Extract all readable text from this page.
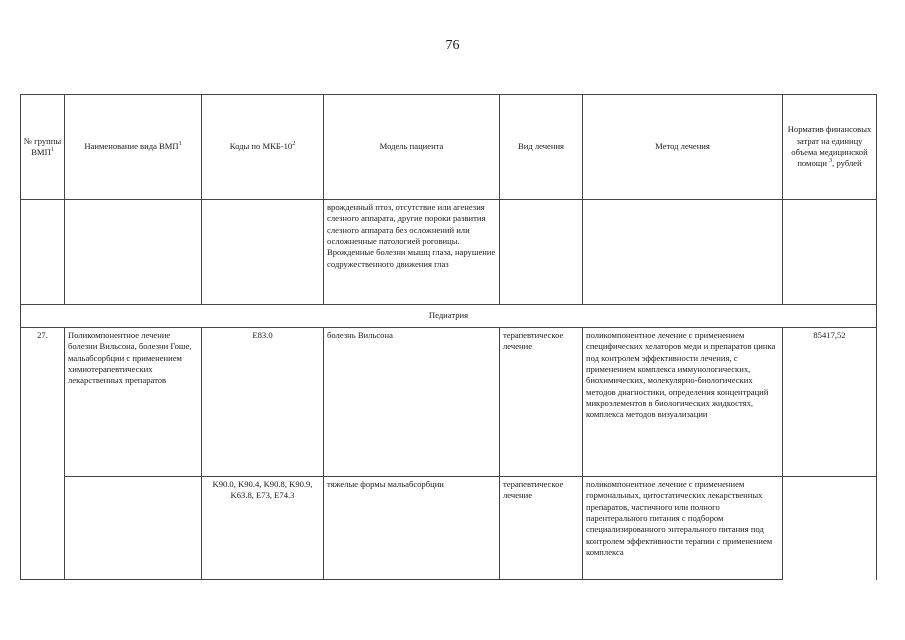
76
№ группы ВМП$^1$	Наименование вида ВМП$^1$	Коды по МКБ-$10^2$	Модель пациента	Вид лечения	Метод лечения	Норматив финансовых затрат на единицу объема медицинской помощи $^3$, рублей
			врожденный птоз, отсутствие или агенезия слезного аппарата, другие пороки развития слезного аппарата без осложнений или осложненные патологией роговицы. Врожденные болезни мышц глаза, нарушение содружественного движения глаз			
Педиатрия						
27.	Поликомпонентное лечение болезни Вильсона, болезни Гоше, мальабсорбции с применением химиотерапевтических лекарственных препаратов	E83.0	болезнь Вильсона	терапевтическое лечение	поликомпонентное лечение с применением специфических хелаторов меди и препаратов цинка под контролем эффективности лечения, с применением комплекса иммунологических, биохимических, молекулярно-биологических методов диагностики, определения концентраций микроэлементов в биологических жидкостях, комплекса методов визуализации	85417,52
		K90.0, K90.4, K90.8, K90.9, K63.8, E73, E74.3	тяжелые формы мальабсорбции	терапевтическое лечение	поликомпонентное лечение с применением гормональных, цитостатических лекарственных препаратов, частичного или полного парентерального питания с подбором специализированного энтерального питания под контролем эффективности терапии с применением комплекса	
